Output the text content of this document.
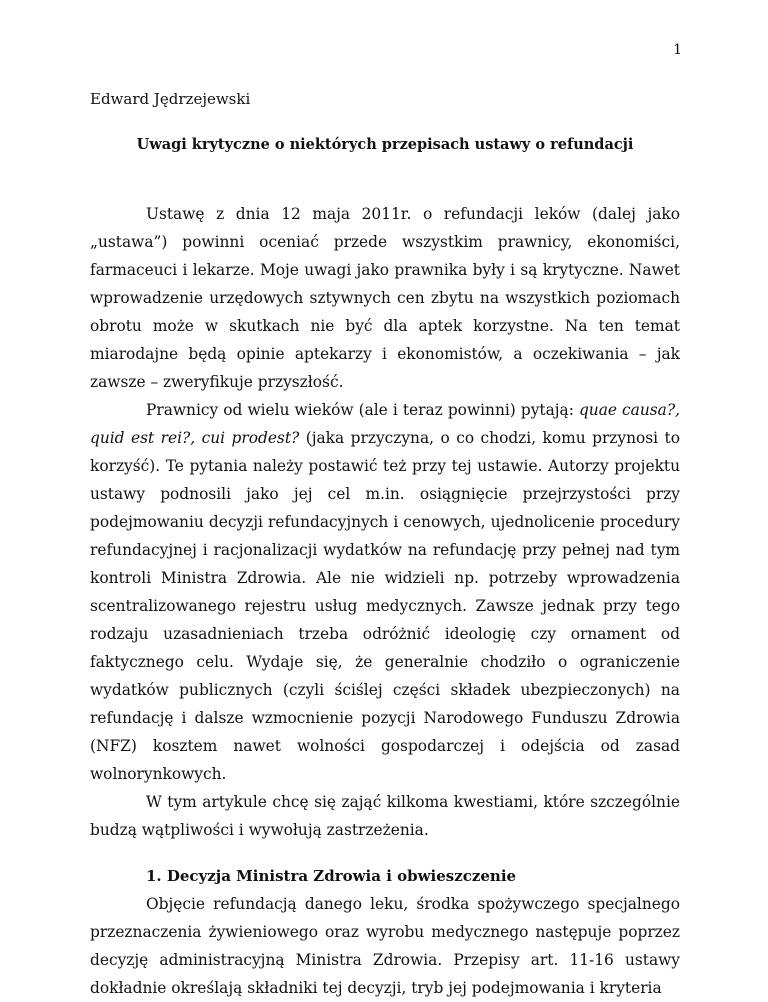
1
Edward Jędrzejewski
Uwagi krytyczne o niektórych przepisach ustawy o refundacji

Ustawę z dnia 12 maja 2011r. o refundacji leków (dalej jako „ustawa”) powinni oceniać przede wszystkim prawnicy, ekonomiści, farmaceuci i lekarze. Moje uwagi jako prawnika były i są krytyczne. Nawet wprowadzenie urzędowych sztywnych cen zbytu na wszystkich poziomach obrotu może w skutkach nie być dla aptek korzystne. Na ten temat miarodajne będą opinie aptekarzy i ekonomistów, a oczekiwania – jak zawsze – zweryfikuje przyszłość.

Prawnicy od wielu wieków (ale i teraz powinni) pytają: quae causa?, quid est rei?, cui prodest? (jaka przyczyna, o co chodzi, komu przynosi to korzyść). Te pytania należy postawić też przy tej ustawie. Autorzy projektu ustawy podnosili jako jej cel m.in. osiągnięcie przejrzystości przy podejmowaniu decyzji refundacyjnych i cenowych, ujednolicenie procedury refundacyjnej i racjonalizacji wydatków na refundację przy pełnej nad tym kontroli Ministra Zdrowia. Ale nie widzieli np. potrzeby wprowadzenia scentralizowanego rejestru usług medycznych. Zawsze jednak przy tego rodzaju uzasadnieniach trzeba odróżnić ideologię czy ornament od faktycznego celu. Wydaje się, że generalnie chodziło o ograniczenie wydatków publicznych (czyli ściślej części składek ubezpieczonych) na refundację i dalsze wzmocnienie pozycji Narodowego Funduszu Zdrowia (NFZ) kosztem nawet wolności gospodarczej i odejścia od zasad wolnorynkowych.

W tym artykule chcę się zająć kilkoma kwestiami, które szczególnie budzą wątpliwości i wywołują zastrzeżenia.

1. Decyzja Ministra Zdrowia i obwieszczenie

Objęcie refundacją danego leku, środka spożywczego specjalnego przeznaczenia żywieniowego oraz wyrobu medycznego następuje poprzez decyzję administracyjną Ministra Zdrowia. Przepisy art. 11-16 ustawy dokładnie określają składniki tej decyzji, tryb jej podejmowania i kryteria
